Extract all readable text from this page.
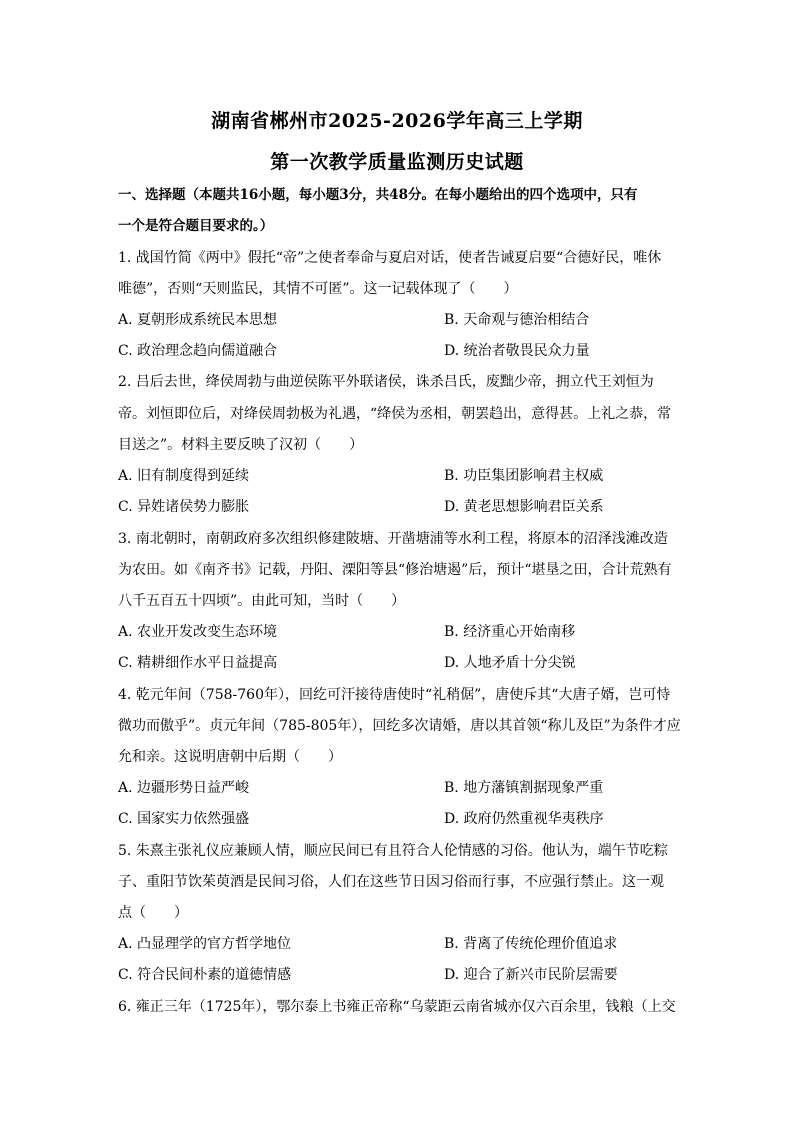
湖南省郴州市2025-2026学年高三上学期
第一次教学质量监测历史试题
一、选择题（本题共16小题，每小题3分，共48分。在每小题给出的四个选项中，只有
一个是符合题目要求的。）
1. 战国竹简《两中》假托“帝”之使者奉命与夏启对话，使者告诫夏启要“合德好民，唯休
唯德”，否则“天则监民，其情不可匿”。这一记载体现了（　　）
A. 夏朝形成系统民本思想	B. 天命观与德治相结合
C. 政治理念趋向儒道融合	D. 统治者敬畏民众力量
2. 吕后去世，绛侯周勃与曲逆侯陈平外联诸侯，诛杀吕氏，废黜少帝，拥立代王刘恒为
帝。刘恒即位后，对绛侯周勃极为礼遇，“绛侯为丞相，朝罢趋出，意得甚。上礼之恭，常
目送之”。材料主要反映了汉初（　　）
A. 旧有制度得到延续	B. 功臣集团影响君主权威
C. 异姓诸侯势力膨胀	D. 黄老思想影响君臣关系
3. 南北朝时，南朝政府多次组织修建陂塘、开凿塘浦等水利工程，将原本的沼泽浅滩改造
为农田。如《南齐书》记载，丹阳、溧阳等县“修治塘遏”后，预计“堪垦之田，合计荒熟有
八千五百五十四顷”。由此可知，当时（　　）
A. 农业开发改变生态环境	B. 经济重心开始南移
C. 精耕细作水平日益提高	D. 人地矛盾十分尖锐
4. 乾元年间（758-760年），回纥可汗接待唐使时“礼稍倨”，唐使斥其“大唐子婿，岂可恃
微功而傲乎”。贞元年间（785-805年），回纥多次请婚，唐以其首领“称儿及臣”为条件才应
允和亲。这说明唐朝中后期（　　）
A. 边疆形势日益严峻	B. 地方藩镇割据现象严重
C. 国家实力依然强盛	D. 政府仍然重视华夷秩序
5. 朱熹主张礼仪应兼顾人情，顺应民间已有且符合人伦情感的习俗。他认为，端午节吃粽
子、重阳节饮茱萸酒是民间习俗，人们在这些节日因习俗而行事，不应强行禁止。这一观
点（　　）
A. 凸显理学的官方哲学地位	B. 背离了传统伦理价值追求
C. 符合民间朴素的道德情感	D. 迎合了新兴市民阶层需要
6. 雍正三年（1725年），鄂尔泰上书雍正帝称“乌蒙距云南省城亦仅六百余里，钱粮（上交
